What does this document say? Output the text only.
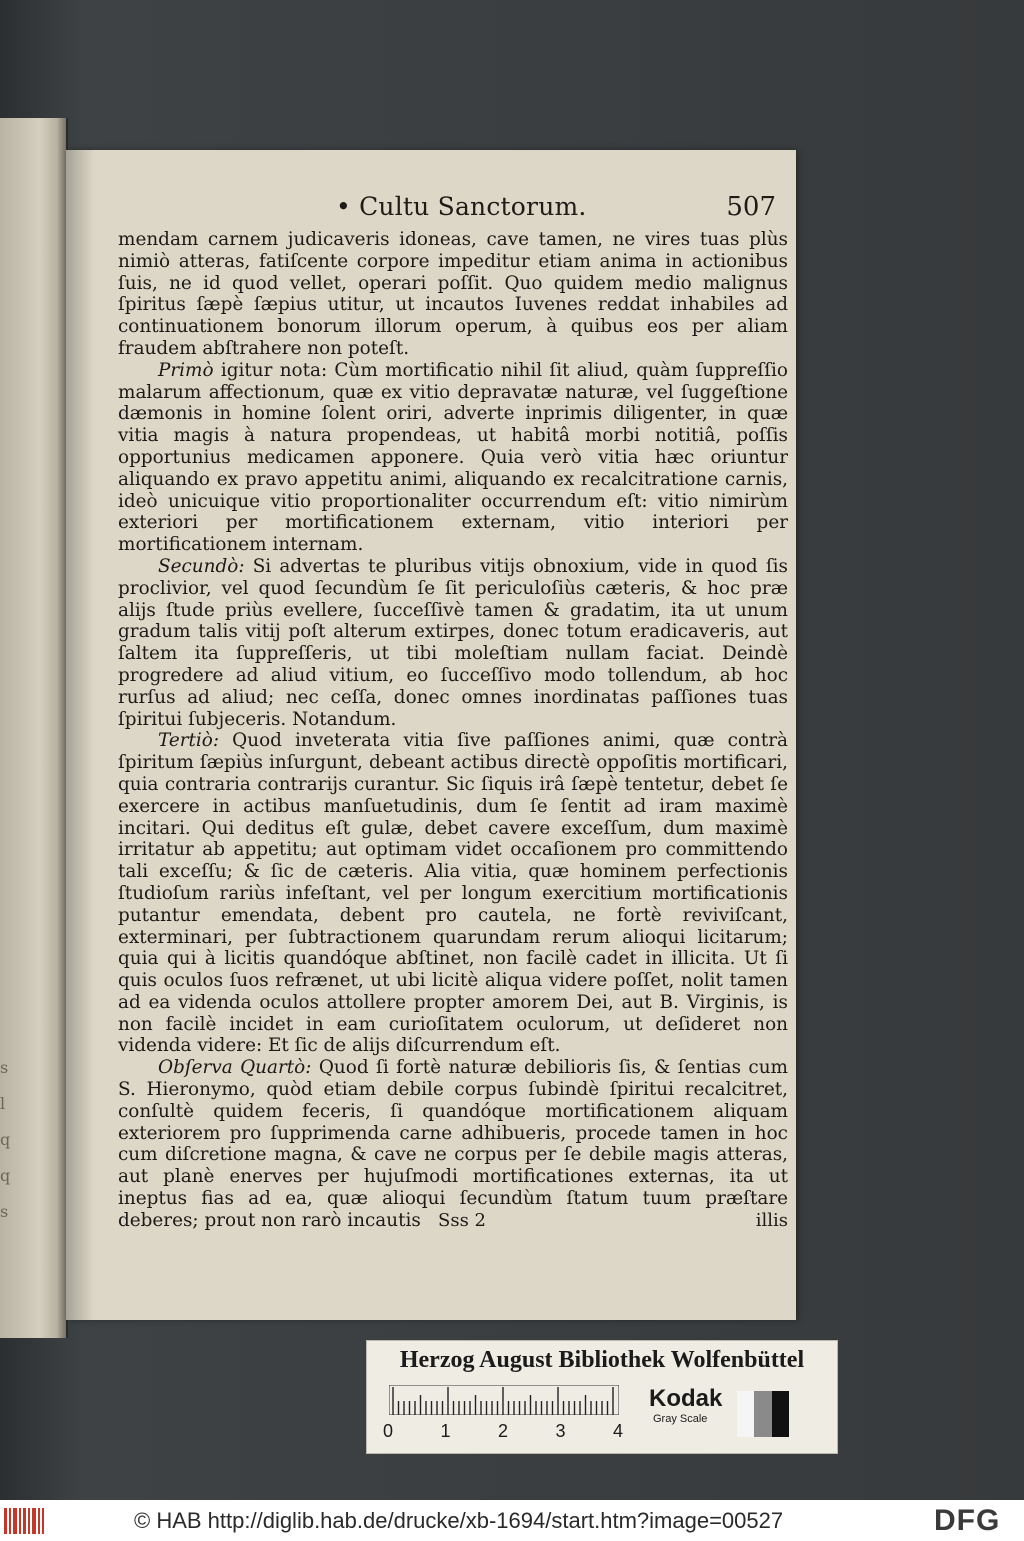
s
l
q
q
s
• Cultu Sanctorum.	507

mendam carnem judicaveris idoneas, cave tamen, ne vires tuas plùs nimiò atteras, fatiſcente corpore impeditur etiam anima in actionibus ſuis, ne id quod vellet, operari poſſit. Quo quidem medio malignus ſpiritus ſæpè ſæpius utitur, ut incautos Iuvenes reddat inhabiles ad continuationem bonorum illorum operum, à quibus eos per aliam fraudem abſtrahere non poteſt.

Primò igitur nota: Cùm mortificatio nihil ſit aliud, quàm ſuppreſſio malarum affectionum, quæ ex vitio depravatæ naturæ, vel ſuggeſtione dæmonis in homine ſolent oriri, adverte inprimis diligenter, in quæ vitia magis à natura propendeas, ut habitâ morbi notitiâ, poſſis opportunius medicamen apponere. Quia verò vitia hæc oriuntur aliquando ex pravo appetitu animi, aliquando ex recalcitratione carnis, ideò unicuique vitio proportionaliter occurrendum eſt: vitio nimirùm exteriori per mortificationem externam, vitio interiori per mortificationem internam.

Secundò: Si advertas te pluribus vitijs obnoxium, vide in quod ſis proclivior, vel quod ſecundùm ſe ſit periculoſiùs cæteris, & hoc præ alijs ſtude priùs evellere, ſucceſſivè tamen & gradatim, ita ut unum gradum talis vitij poſt alterum extirpes, donec totum eradicaveris, aut ſaltem ita ſuppreſſeris, ut tibi moleſtiam nullam faciat. Deindè progredere ad aliud vitium, eo ſucceſſivo modo tollendum, ab hoc rurſus ad aliud; nec ceſſa, donec omnes inordinatas paſſiones tuas ſpiritui ſubjeceris. Notandum.

Tertiò: Quod inveterata vitia ſive paſſiones animi, quæ contrà ſpiritum ſæpiùs inſurgunt, debeant actibus directè oppoſitis mortificari, quia contraria contrarijs curantur. Sic ſiquis irâ ſæpè tentetur, debet ſe exercere in actibus manſuetudinis, dum ſe ſentit ad iram maximè incitari. Qui deditus eſt gulæ, debet cavere exceſſum, dum maximè irritatur ab appetitu; aut optimam videt occaſionem pro committendo tali exceſſu; & ſic de cæteris. Alia vitia, quæ hominem perfectionis ſtudioſum rariùs infeſtant, vel per longum exercitium mortificationis putantur emendata, debent pro cautela, ne fortè reviviſcant, exterminari, per ſubtractionem quarundam rerum alioqui licitarum; quia qui à licitis quandóque abſtinet, non facilè cadet in illicita. Ut ſi quis oculos ſuos refrænet, ut ubi licitè aliqua videre poſſet, nolit tamen ad ea videnda oculos attollere propter amorem Dei, aut B. Virginis, is non facilè incidet in eam curioſitatem oculorum, ut deſideret non videnda videre: Et ſic de alijs diſcurrendum eſt.

Obſerva Quartò: Quod ſi fortè naturæ debilioris ſis, & ſentias cum S. Hieronymo, quòd etiam debile corpus ſubindè ſpiritui recalcitret, conſultè quidem feceris, ſi quandóque mortificationem aliquam exteriorem pro ſupprimenda carne adhibueris, procede tamen in hoc cum diſcretione magna, & cave ne corpus per ſe debile magis atteras, aut planè enerves per hujuſmodi mortificationes externas, ita ut ineptus fias ad ea, quæ alioqui ſecundùm ſtatum tuum præſtare deberes; prout non rarò incautis Sss 2	illis
Herzog August Bibliothek Wolfenbüttel
0	1	2	3	4
Kodak
Gray Scale
© HAB http://diglib.hab.de/drucke/xb-1694/start.htm?image=00527	DFG
